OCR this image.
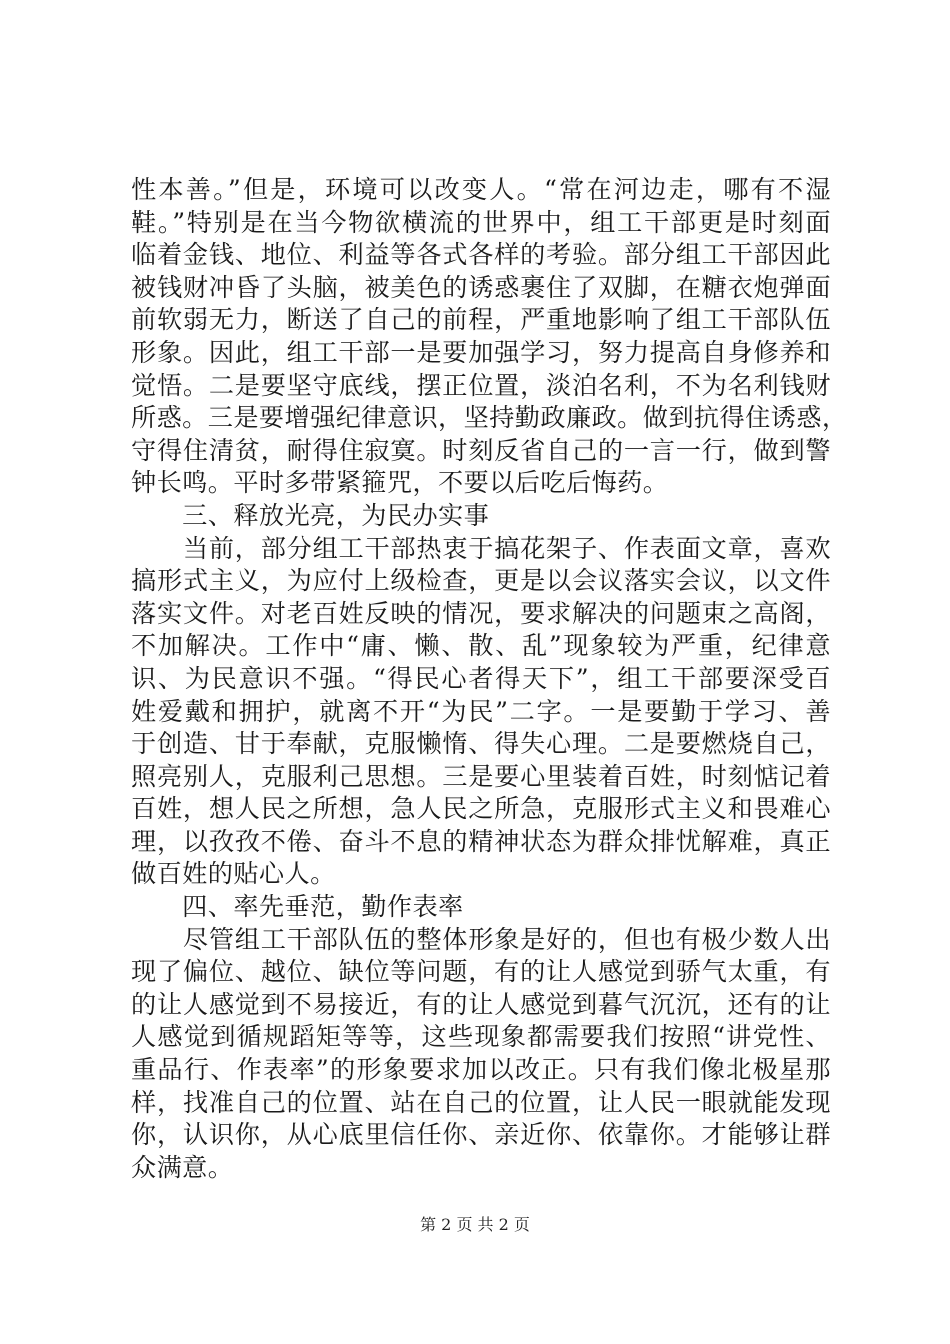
性本善。”但是，环境可以改变人。“常在河边走，哪有不湿
鞋。”特别是在当今物欲横流的世界中，组工干部更是时刻面
临着金钱、地位、利益等各式各样的考验。部分组工干部因此
被钱财冲昏了头脑，被美色的诱惑裹住了双脚，在糖衣炮弹面
前软弱无力，断送了自己的前程，严重地影响了组工干部队伍
形象。因此，组工干部一是要加强学习，努力提高自身修养和
觉悟。二是要坚守底线，摆正位置，淡泊名利，不为名利钱财
所惑。三是要增强纪律意识，坚持勤政廉政。做到抗得住诱惑，
守得住清贫，耐得住寂寞。时刻反省自己的一言一行，做到警
钟长鸣。平时多带紧箍咒，不要以后吃后悔药。
　　三、释放光亮，为民办实事
　　当前，部分组工干部热衷于搞花架子、作表面文章，喜欢
搞形式主义，为应付上级检查，更是以会议落实会议，以文件
落实文件。对老百姓反映的情况，要求解决的问题束之高阁，
不加解决。工作中“庸、懒、散、乱”现象较为严重，纪律意
识、为民意识不强。“得民心者得天下”，组工干部要深受百
姓爱戴和拥护，就离不开“为民”二字。一是要勤于学习、善
于创造、甘于奉献，克服懒惰、得失心理。二是要燃烧自己，
照亮别人，克服利己思想。三是要心里装着百姓，时刻惦记着
百姓，想人民之所想，急人民之所急，克服形式主义和畏难心
理，以孜孜不倦、奋斗不息的精神状态为群众排忧解难，真正
做百姓的贴心人。
　　四、率先垂范，勤作表率
　　尽管组工干部队伍的整体形象是好的，但也有极少数人出
现了偏位、越位、缺位等问题，有的让人感觉到骄气太重，有
的让人感觉到不易接近，有的让人感觉到暮气沉沉，还有的让
人感觉到循规蹈矩等等，这些现象都需要我们按照“讲党性、
重品行、作表率”的形象要求加以改正。只有我们像北极星那
样，找准自己的位置、站在自己的位置，让人民一眼就能发现
你，认识你，从心底里信任你、亲近你、依靠你。才能够让群
众满意。
第 2 页 共 2 页
